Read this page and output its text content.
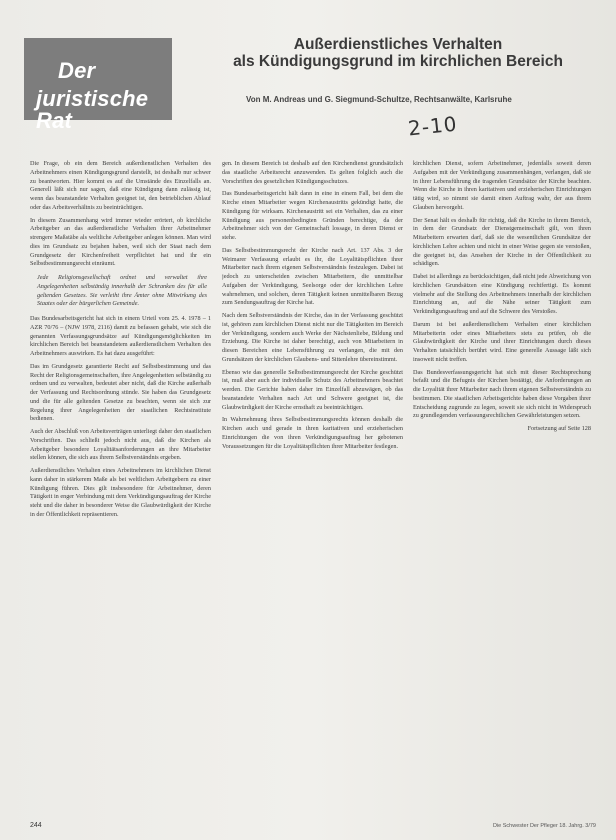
Der
juristische Rat
Außerdienstliches Verhalten
als Kündigungsgrund im kirchlichen Bereich
Von M. Andreas und G. Siegmund-Schultze, Rechtsanwälte, Karlsruhe
2-10

Die Frage, ob ein dem Bereich außerdienstlichen Verhalten des Arbeitnehmers einen Kündigungsgrund darstellt, ist deshalb nur schwer zu beantworten. Hier kommt es auf die Umstände des Einzelfalls an. Generell läßt sich nur sagen, daß eine Kündigung dann zulässig ist, wenn das beanstandete Verhalten geeignet ist, den betrieblichen Ablauf oder das Arbeitsverhältnis zu beeinträchtigen.

In diesem Zusammenhang wird immer wieder erörtert, ob kirchliche Arbeitgeber an das außerdienstliche Verhalten ihrer Arbeitnehmer strengere Maßstäbe als weltliche Arbeitgeber anlegen können. Man wird dies im Grundsatz zu bejahen haben, weil sich der Staat nach dem Grundgesetz der Kirchenfreiheit verpflichtet hat und ihr ein Selbstbestimmungsrecht einräumt.

Jede Religionsgesellschaft ordnet und verwaltet ihre Angelegenheiten selbständig innerhalb der Schranken des für alle geltenden Gesetzes. Sie verleiht ihre Ämter ohne Mitwirkung des Staates oder der bürgerlichen Gemeinde.

Das Bundesarbeitsgericht hat sich in einem Urteil vom 25. 4. 1978 – 1 AZR 70/76 – (NJW 1978, 2116) damit zu befassen gehabt, wie sich die genannten Verfassungsgrundsätze auf Kündigungsmöglichkeiten im kirchlichen Bereich bei beanstandetem außerdienstlichem Verhalten des Arbeitnehmers auswirken. Es hat dazu ausgeführt:

Das im Grundgesetz garantierte Recht auf Selbstbestimmung und das Recht der Religionsgemeinschaften, ihre Angelegenheiten selbständig zu ordnen und zu verwalten, bedeutet aber nicht, daß die Kirche außerhalb der Verfassung und Rechtsordnung stünde. Sie haben das Grundgesetz und die für alle geltenden Gesetze zu beachten, wenn sie sich zur Regelung ihrer Angelegenheiten der staatlichen Rechtsinstitute bedienen.

Auch der Abschluß von Arbeitsverträgen unterliegt daher den staatlichen Vorschriften. Das schließt jedoch nicht aus, daß die Kirchen als Arbeitgeber besondere Loyalitätsanforderungen an ihre Mitarbeiter stellen können, die sich aus ihrem Selbstverständnis ergeben.

Außerdienstliches Verhalten eines Arbeitnehmers im kirchlichen Dienst kann daher in stärkerem Maße als bei weltlichen Arbeitgebern zu einer Kündigung führen. Dies gilt insbesondere für Arbeitnehmer, deren Tätigkeit in enger Verbindung mit dem Verkündigungsauftrag der Kirche steht und die daher in besonderer Weise die Glaubwürdigkeit der Kirche in der Öffentlichkeit repräsentieren.

gen. In diesem Bereich ist deshalb auf den Kirchendienst grundsätzlich das staatliche Arbeitsrecht anzuwenden. Es gelten folglich auch die Vorschriften des gesetzlichen Kündigungsschutzes.

Das Bundesarbeitsgericht hält dann in eine in einem Fall, bei dem die Kirche einen Mitarbeiter wegen Kirchenaustritts gekündigt hatte, die Kündigung für wirksam. Kirchenaustritt sei ein Verhalten, das zu einer Kündigung aus personenbedingten Gründen berechtige, da der Arbeitnehmer sich von der Gemeinschaft lossage, in deren Dienst er stehe.

Das Selbstbestimmungsrecht der Kirche nach Art. 137 Abs. 3 der Weimarer Verfassung erlaubt es ihr, die Loyalitätspflichten ihrer Mitarbeiter nach ihrem eigenen Selbstverständnis festzulegen. Dabei ist jedoch zu unterscheiden zwischen Mitarbeitern, die unmittelbar Aufgaben der Verkündigung, Seelsorge oder der kirchlichen Lehre wahrnehmen, und solchen, deren Tätigkeit keinen unmittelbaren Bezug zum Sendungsauftrag der Kirche hat.

Nach dem Selbstverständnis der Kirche, das in der Verfassung geschützt ist, gehören zum kirchlichen Dienst nicht nur die Tätigkeiten im Bereich der Verkündigung, sondern auch Werke der Nächstenliebe, Bildung und Erziehung. Die Kirche ist daher berechtigt, auch von Mitarbeitern in diesen Bereichen eine Lebensführung zu verlangen, die mit den Grundsätzen der kirchlichen Glaubens- und Sittenlehre übereinstimmt.

Ebenso wie das generelle Selbstbestimmungsrecht der Kirche geschützt ist, muß aber auch der individuelle Schutz des Arbeitnehmers beachtet werden. Die Gerichte haben daher im Einzelfall abzuwägen, ob das beanstandete Verhalten nach Art und Schwere geeignet ist, die Glaubwürdigkeit der Kirche ernsthaft zu beeinträchtigen.

In Wahrnehmung ihres Selbstbestimmungsrechts können deshalb die Kirchen auch und gerade in ihren karitativen und erzieherischen Einrichtungen die von ihren Verkündigungsauftrag her gebotenen Voraussetzungen für die Loyalitätspflichten ihrer Mitarbeiter festlegen.

kirchlichen Dienst, sofern Arbeitnehmer, jedenfalls soweit deren Aufgaben mit der Verkündigung zusammenhängen, verlangen, daß sie in ihrer Lebensführung die tragenden Grundsätze der Kirche beachten. Wenn die Kirche in ihren karitativen und erzieherischen Einrichtungen tätig wird, so nimmt sie damit einen Auftrag wahr, der aus ihrem Glauben hervorgeht.

Der Senat hält es deshalb für richtig, daß die Kirche in ihrem Bereich, in dem der Grundsatz der Dienstgemeinschaft gilt, von ihren Mitarbeitern erwarten darf, daß sie die wesentlichen Grundsätze der kirchlichen Lehre achten und nicht in einer Weise gegen sie verstoßen, die geeignet ist, das Ansehen der Kirche in der Öffentlichkeit zu schädigen.

Dabei ist allerdings zu berücksichtigen, daß nicht jede Abweichung von kirchlichen Grundsätzen eine Kündigung rechtfertigt. Es kommt vielmehr auf die Stellung des Arbeitnehmers innerhalb der kirchlichen Einrichtung an, auf die Nähe seiner Tätigkeit zum Verkündigungsauftrag und auf die Schwere des Verstoßes.

Darum ist bei außerdienstlichem Verhalten einer kirchlichen Mitarbeiterin oder eines Mitarbeiters stets zu prüfen, ob die Glaubwürdigkeit der Kirche und ihrer Einrichtungen durch dieses Verhalten tatsächlich berührt wird. Eine generelle Aussage läßt sich insoweit nicht treffen.

Das Bundesverfassungsgericht hat sich mit dieser Rechtsprechung befaßt und die Befugnis der Kirchen bestätigt, die Anforderungen an die Loyalität ihrer Mitarbeiter nach ihrem eigenen Selbstverständnis zu bestimmen. Die staatlichen Arbeitsgerichte haben diese Vorgaben ihrer Entscheidung zugrunde zu legen, soweit sie sich nicht in Widerspruch zu grundlegenden verfassungsrechtlichen Gewährleistungen setzen.

Fortsetzung auf Seite 128

244	Die Schwester Der Pfleger 18. Jahrg. 3/79
